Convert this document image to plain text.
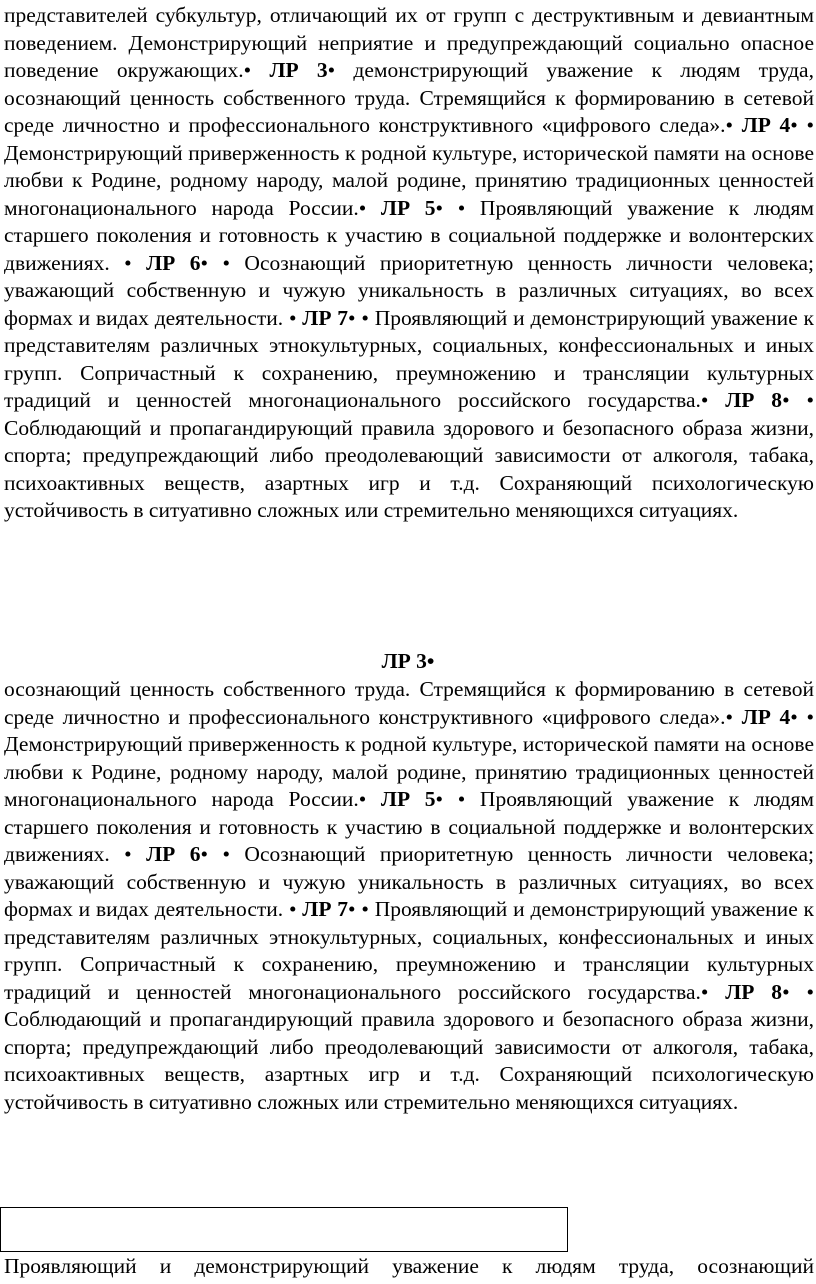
представителей субкультур, отличающий их от групп с деструктивным и девиантным поведением. Демонстрирующий неприятие и предупреждающий социально опасное поведение окружающих.• ЛР 3• демонстрирующий уважение к людям труда, осознающий ценность собственного труда. Стремящийся к формированию в сетевой среде личностно и профессионального конструктивного «цифрового следа».• ЛР 4• • Демонстрирующий приверженность к родной культуре, исторической памяти на основе любви к Родине, родному народу, малой родине, принятию традиционных ценностей многонационального народа России.• ЛР 5• • Проявляющий уважение к людям старшего поколения и готовность к участию в социальной поддержке и волонтерских движениях. • ЛР 6• • Осознающий приоритетную ценность личности человека; уважающий собственную и чужую уникальность в различных ситуациях, во всех формах и видах деятельности. • ЛР 7• • Проявляющий и демонстрирующий уважение к представителям различных этнокультурных, социальных, конфессиональных и иных групп. Сопричастный к сохранению, преумножению и трансляции культурных традиций и ценностей многонационального российского государства.• ЛР 8• • Соблюдающий и пропагандирующий правила здорового и безопасного образа жизни, спорта; предупреждающий либо преодолевающий зависимости от алкоголя, табака, психоактивных веществ, азартных игр и т.д. Сохраняющий психологическую устойчивость в ситуативно сложных или стремительно меняющихся ситуациях.

ЛР 3•

осознающий ценность собственного труда. Стремящийся к формированию в сетевой среде личностно и профессионального конструктивного «цифрового следа».• ЛР 4• • Демонстрирующий приверженность к родной культуре, исторической памяти на основе любви к Родине, родному народу, малой родине, принятию традиционных ценностей многонационального народа России.• ЛР 5• • Проявляющий уважение к людям старшего поколения и готовность к участию в социальной поддержке и волонтерских движениях. • ЛР 6• • Осознающий приоритетную ценность личности человека; уважающий собственную и чужую уникальность в различных ситуациях, во всех формах и видах деятельности. • ЛР 7• • Проявляющий и демонстрирующий уважение к представителям различных этнокультурных, социальных, конфессиональных и иных групп. Сопричастный к сохранению, преумножению и трансляции культурных традиций и ценностей многонационального российского государства.• ЛР 8• • Соблюдающий и пропагандирующий правила здорового и безопасного образа жизни, спорта; предупреждающий либо преодолевающий зависимости от алкоголя, табака, психоактивных веществ, азартных игр и т.д. Сохраняющий психологическую устойчивость в ситуативно сложных или стремительно меняющихся ситуациях.

Проявляющий и демонстрирующий уважение к людям труда, осознающий
